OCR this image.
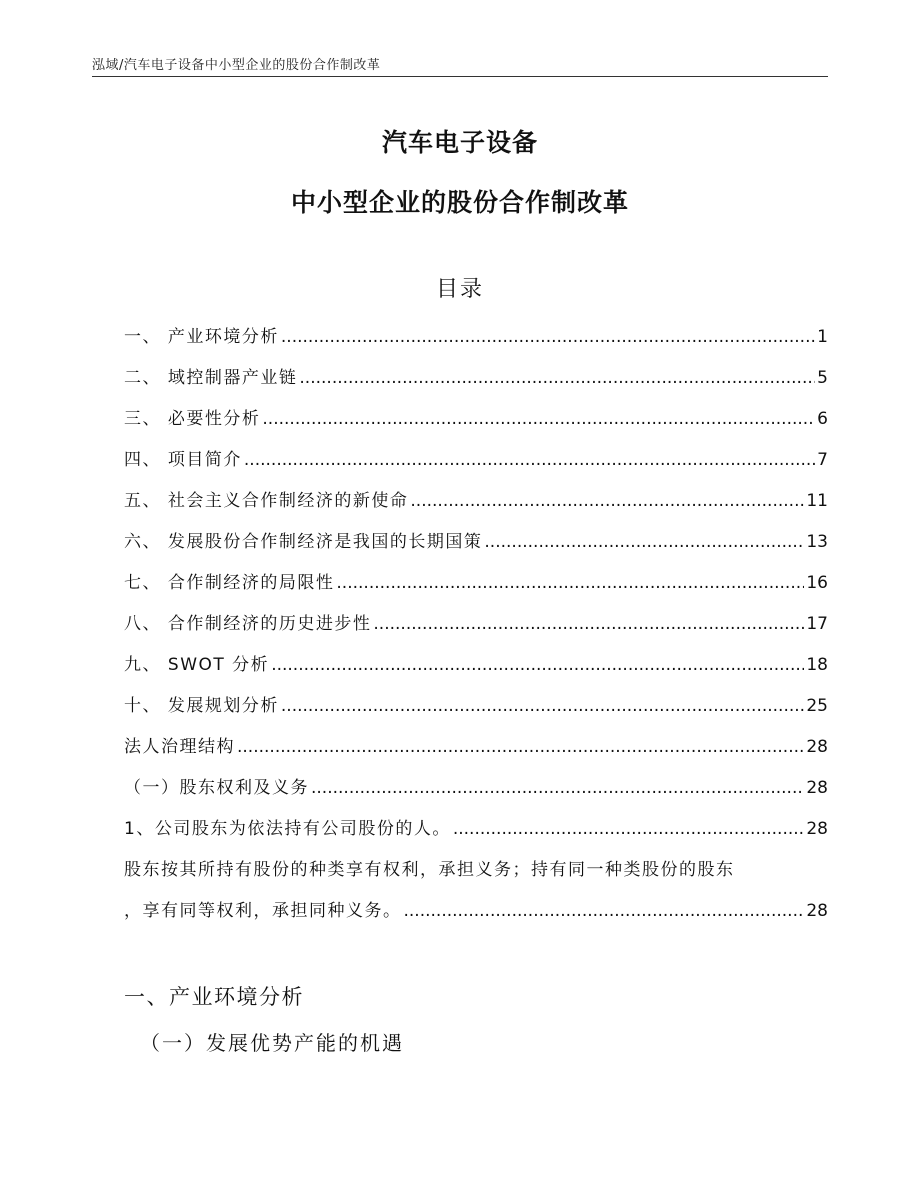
泓域/汽车电子设备中小型企业的股份合作制改革
汽车电子设备
中小型企业的股份合作制改革
目录
一、 产业环境分析 .....	1
二、 域控制器产业链 .....	5
三、 必要性分析 .....	6
四、 项目简介 .....	7
五、 社会主义合作制经济的新使命 .....	11
六、 发展股份合作制经济是我国的长期国策 .....	13
七、 合作制经济的局限性 .....	16
八、 合作制经济的历史进步性 .....	17
九、 SWOT 分析 .....	18
十、 发展规划分析 .....	25
法人治理结构 .....	28
（一）股东权利及义务 .....	28
1、公司股东为依法持有公司股份的人。 .....	28
股东按其所持有股份的种类享有权利，承担义务；持有同一种类股份的股东
，享有同等权利，承担同种义务。 .....	28
一、产业环境分析
（一）发展优势产能的机遇
